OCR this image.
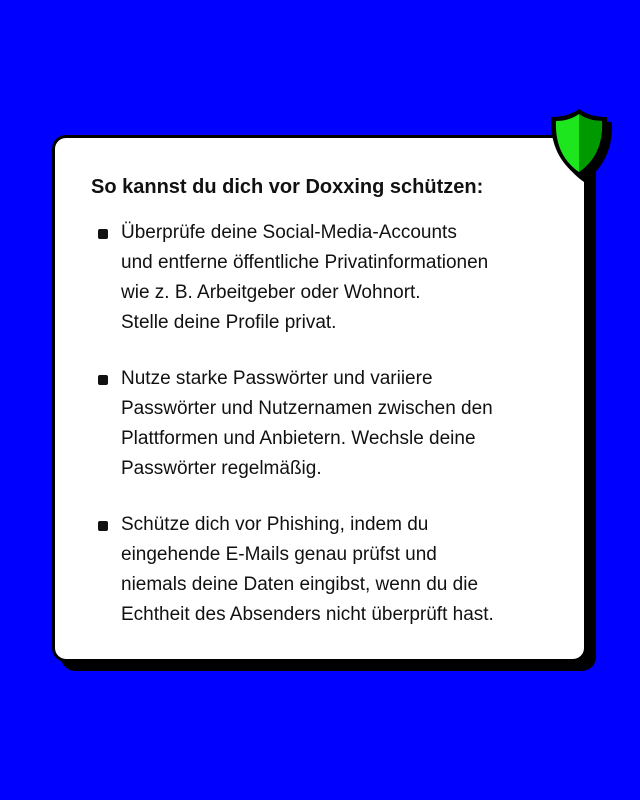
So kannst du dich vor Doxxing schützen:
Überprüfe deine Social-Media-Accounts
und entferne öffentliche Privatinformationen
wie z. B. Arbeitgeber oder Wohnort.
Stelle deine Profile privat.
Nutze starke Passwörter und variiere
Passwörter und Nutzernamen zwischen den
Plattformen und Anbietern. Wechsle deine
Passwörter regelmäßig.
Schütze dich vor Phishing, indem du
eingehende E-Mails genau prüfst und
niemals deine Daten eingibst, wenn du die
Echtheit des Absenders nicht überprüft hast.
